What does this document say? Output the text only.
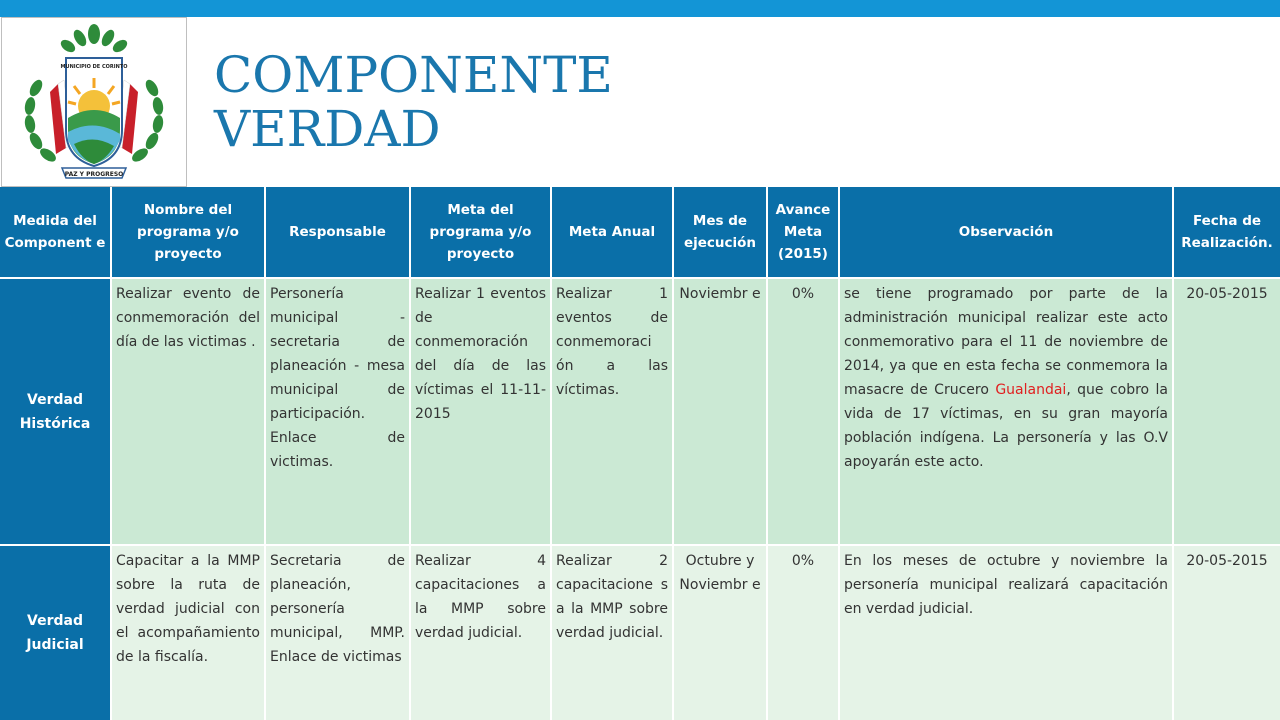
MUNICIPIO DE CORINTO
PAZ Y PROGRESO
COMPONENTE
VERDAD
Medida del Component e	Nombre del programa y/o proyecto	Responsable	Meta del programa y/o proyecto	Meta Anual	Mes de ejecución	Avance Meta (2015)	Observación	Fecha de Realización.
Verdad Histórica	Realizar evento de conmemoración del día de las victimas .	Personería municipal - secretaria de planeación - mesa municipal de participación. Enlace de victimas.	Realizar 1 eventos de conmemoración del día de las víctimas el 11-11-2015	Realizar 1 eventos de conmemoraci ón a las víctimas.	Noviembr e	0%	se tiene programado por parte de la administración municipal realizar este acto conmemorativo para el 11 de noviembre de 2014, ya que en esta fecha se conmemora la masacre de Crucero Gualandai, que cobro la vida de 17 víctimas, en su gran mayoría población indígena. La personería y las O.V apoyarán este acto.	20-05-2015
Verdad Judicial	Capacitar a la MMP sobre la ruta de verdad judicial con el acompañamiento de la fiscalía.	Secretaria de planeación, personería municipal, MMP. Enlace de victimas	Realizar 4 capacitaciones a la MMP sobre verdad judicial.	Realizar 2 capacitacione s a la MMP sobre verdad judicial.	Octubre y Noviembr e	0%	En los meses de octubre y noviembre la personería municipal realizará capacitación en verdad judicial.	20-05-2015
